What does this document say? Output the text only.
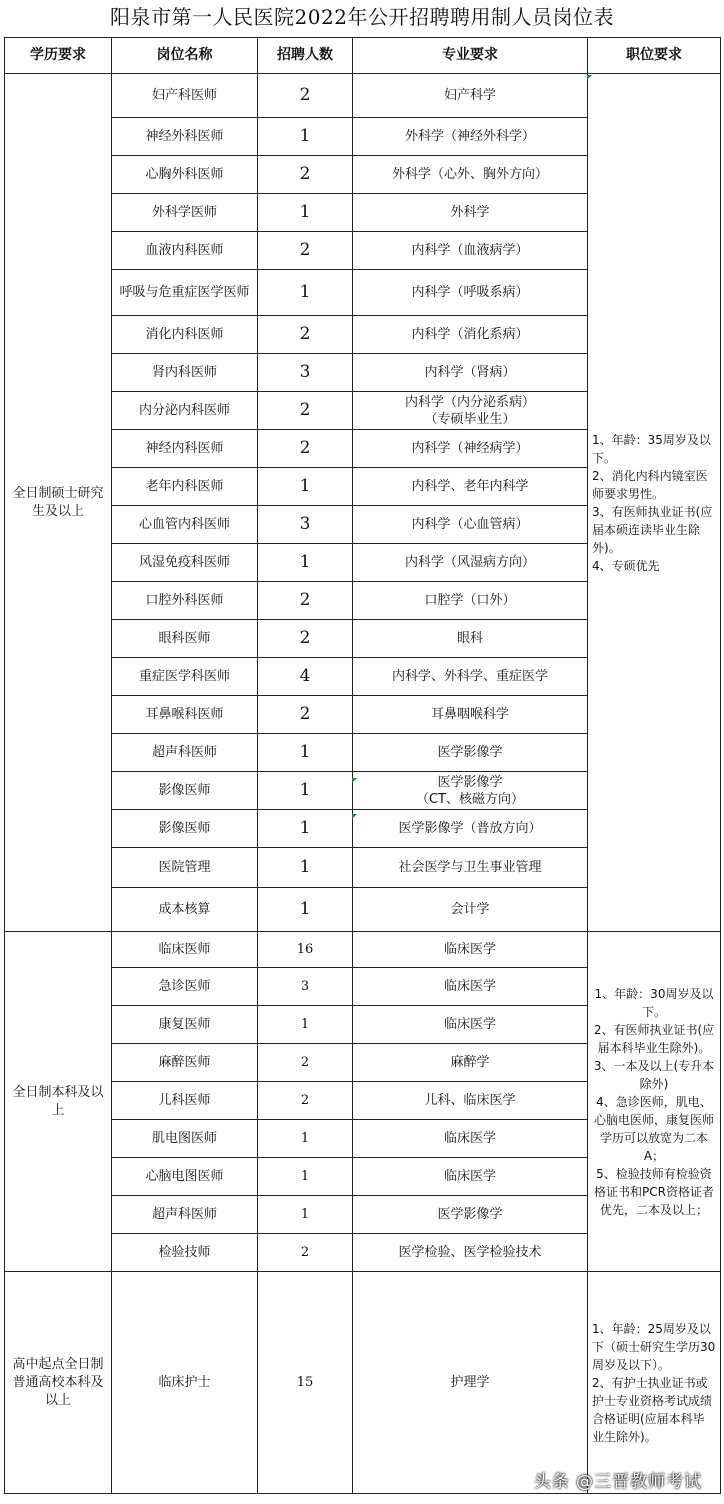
阳泉市第一人民医院2022年公开招聘聘用制人员岗位表
学历要求	岗位名称	招聘人数	专业要求	职位要求
全日制硕士研究生及以上	妇产科医师	2	妇产科学	1、年龄：35周岁及以下。
2、消化内科内镜室医师要求男性。
3、有医师执业证书(应届本硕连读毕业生除外)。
4、专硕优先
	神经外科医师	1	外科学（神经外科学）	
	心胸外科医师	2	外科学（心外、胸外方向）	
	外科学医师	1	外科学	
	血液内科医师	2	内科学（血液病学）	
	呼吸与危重症医学医师	1	内科学（呼吸系病）	
	消化内科医师	2	内科学（消化系病）	
	肾内科医师	3	内科学（肾病）	
	内分泌内科医师	2	内科学（内分泌系病）
（专硕毕业生）	
	神经内科医师	2	内科学（神经病学）	
	老年内科医师	1	内科学、老年内科学	
	心血管内科医师	3	内科学（心血管病）	
	风湿免疫科医师	1	内科学（风湿病方向）	
	口腔外科医师	2	口腔学（口外）	
	眼科医师	2	眼科	
	重症医学科医师	4	内科学、外科学、重症医学	
	耳鼻喉科医师	2	耳鼻咽喉科学	
	超声科医师	1	医学影像学	
	影像医师	1	医学影像学
（CT、核磁方向）	
	影像医师	1	医学影像学（普放方向）	
	医院管理	1	社会医学与卫生事业管理	
	成本核算	1	会计学	
全日制本科及以上	临床医师	16	临床医学	1、年龄：30周岁及以下。
2、有医师执业证书(应届本科毕业生除外)。
3、一本及以上(专升本除外)
4、急诊医师，肌电、心脑电医师，康复医师学历可以放宽为二本A；
5、检验技师有检验资格证书和PCR资格证者优先，二本及以上；
	急诊医师	3	临床医学	
	康复医师	1	临床医学	
	麻醉医师	2	麻醉学	
	儿科医师	2	儿科、临床医学	
	肌电图医师	1	临床医学	
	心脑电图医师	1	临床医学	
	超声科医师	1	医学影像学	
	检验技师	2	医学检验、医学检验技术	
高中起点全日制普通高校本科及以上	临床护士	15	护理学	1、年龄：25周岁及以下（硕士研究生学历30周岁及以下）。
2、有护士执业证书或护士专业资格考试成绩合格证明(应届本科毕业生除外)。
头条 @三晋教师考试
